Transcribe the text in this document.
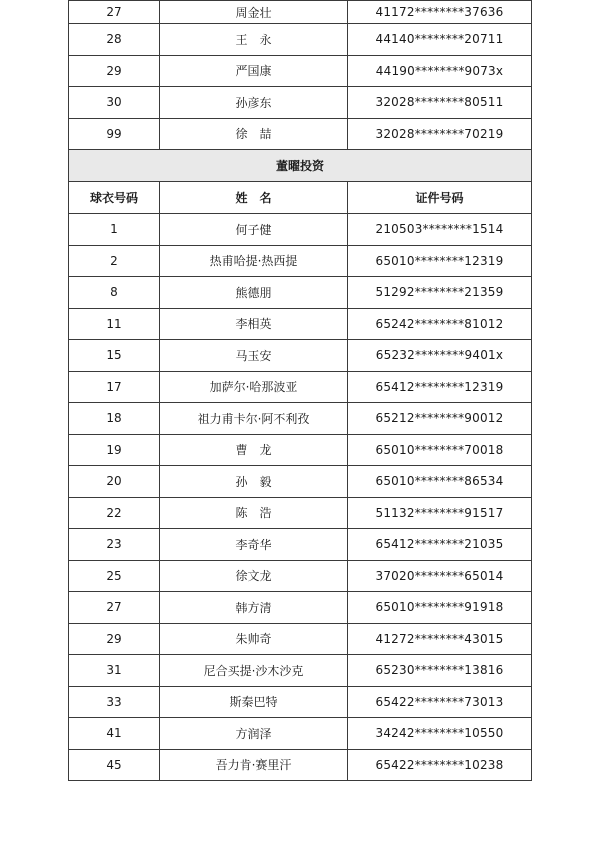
27	周金壮	41172********37636
28	王　永	44140********20711
29	严国康	44190********9073x
30	孙彦东	32028********80511
99	徐　喆	32028********70219
董曜投资		
球衣号码	姓　名	证件号码
1	何子健	210503********1514
2	热甫哈提·热西提	65010********12319
8	熊德朋	51292********21359
11	李相英	65242********81012
15	马玉安	65232********9401x
17	加萨尔·哈那波亚	65412********12319
18	祖力甫卡尔·阿不利孜	65212********90012
19	曹　龙	65010********70018
20	孙　毅	65010********86534
22	陈　浩	51132********91517
23	李奇华	65412********21035
25	徐文龙	37020********65014
27	韩方清	65010********91918
29	朱帅奇	41272********43015
31	尼合买提·沙木沙克	65230********13816
33	斯秦巴特	65422********73013
41	方润泽	34242********10550
45	吾力肯·赛里汗	65422********10238
